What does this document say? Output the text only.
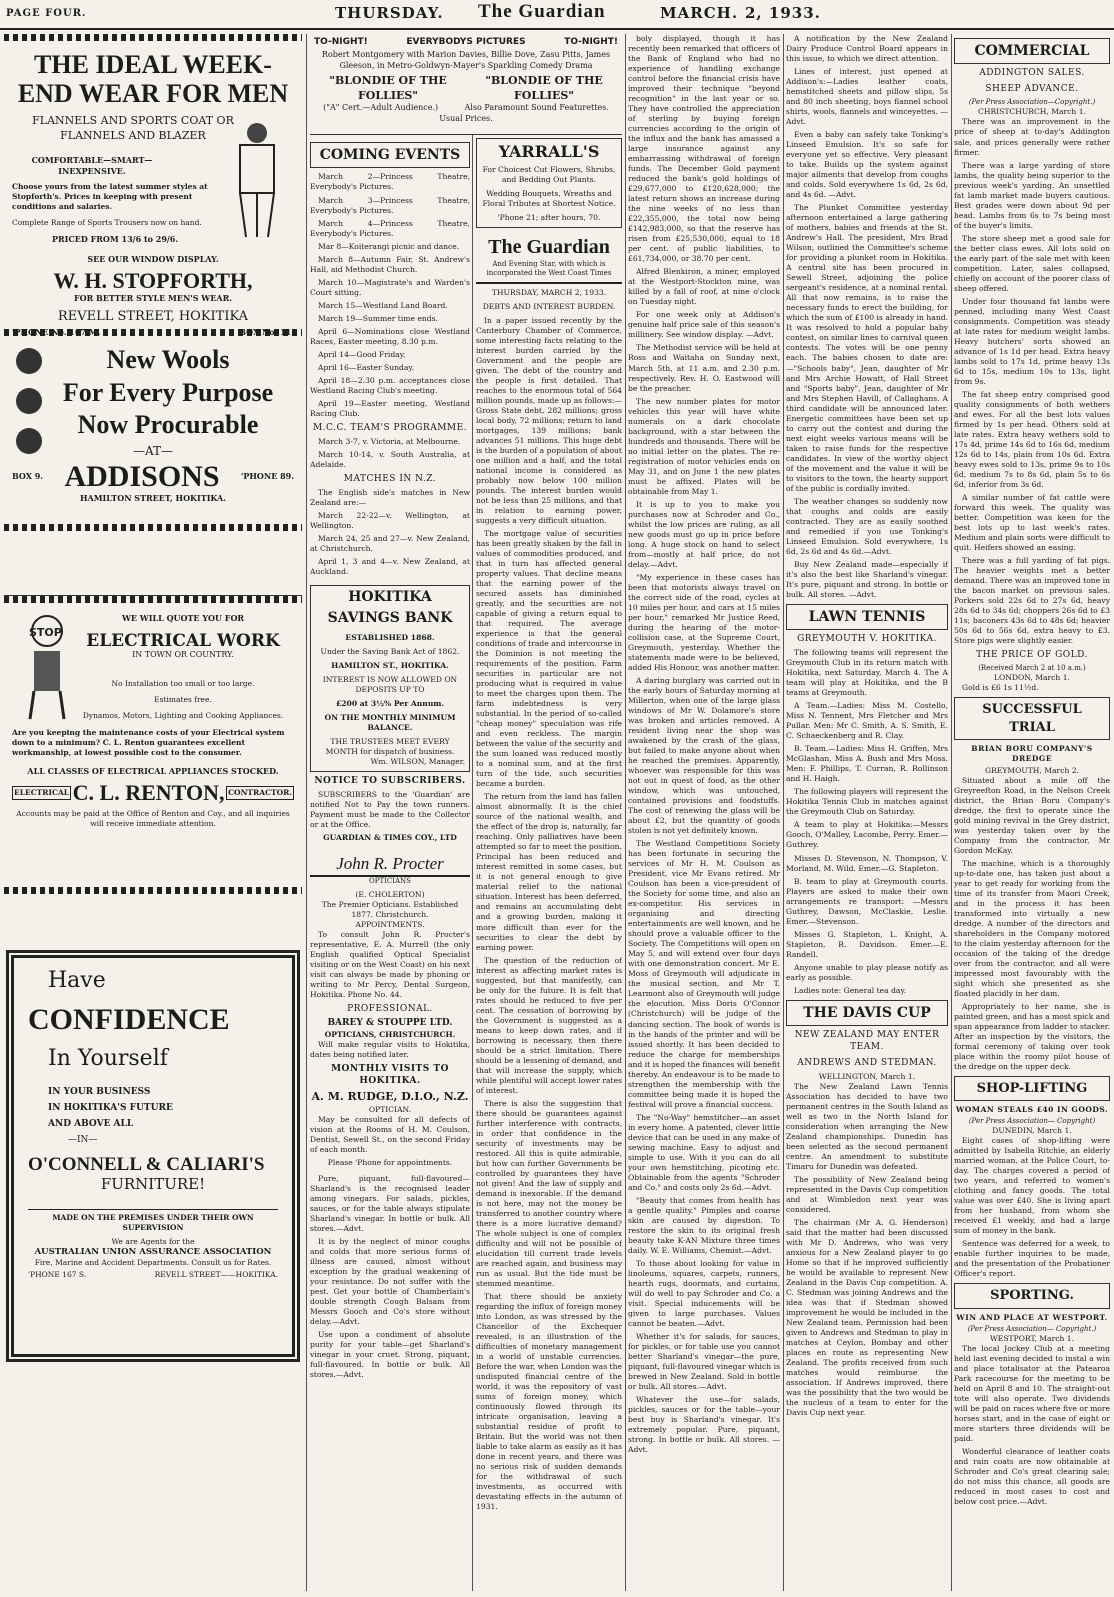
PAGE FOUR.	THURSDAY. The Guardian	MARCH. 2, 1933.
THE IDEAL WEEK-END WEAR FOR MEN
FLANNELS AND SPORTS COAT OR FLANNELS AND BLAZER
COMFORTABLE—SMART— INEXPENSIVE.
Choose yours from the latest summer styles at Stopforth's. Prices in keeping with present conditions and salaries.
Complete Range of Sports Trousers now on hand.
PRICED FROM 13/6 to 29/6.
SEE OUR WINDOW DISPLAY.
W. H. STOPFORTH,
FOR BETTER STYLE MEN'S WEAR.
REVELL STREET, HOKITIKA
'PHONE No. 167 M.	BOX No. 11.
New Wools
For Every Purpose
Now Procurable
—AT—
BOX 9. ADDISONS	'PHONE 89.
HAMILTON STREET, HOKITIKA.
STOP
WE WILL QUOTE YOU FOR
ELECTRICAL WORK
IN TOWN OR COUNTRY.
No Installation too small or too large.
Estimates free.
Dynamos, Motors, Lighting and Cooking Appliances.
Are you keeping the maintenance costs of your Electrical system down to a minimum? C. L. Renton guarantees excellent workmanship, at lowest possible cost to the consumer.
ALL CLASSES OF ELECTRICAL APPLIANCES STOCKED.
ELECTRICAL C. L. RENTON, CONTRACTOR.
Accounts may be paid at the Office of Renton and Coy., and all inquiries will receive immediate attention.
Have
CONFIDENCE
In Yourself
IN YOUR BUSINESS
IN HOKITIKA'S FUTURE
AND ABOVE ALL
—IN—
O'CONNELL & CALIARI'S
FURNITURE!
MADE ON THE PREMISES UNDER THEIR OWN SUPERVISION
We are Agents for the
AUSTRALIAN UNION ASSURANCE ASSOCIATION
Fire, Marine and Accident Departments. Consult us for Rates.
'PHONE 167 S.	REVELL STREET——HOKITIKA.
TO-NIGHT!	EVERYBODYS PICTURES	TO-NIGHT!
Robert Montgomery with Marion Davies, Billie Dove, Zasu Pitts, James Gleeson, in Metro-Goldwyn-Mayer's Sparkling Comedy Drama
"BLONDIE OF THE FOLLIES"
"BLONDIE OF THE FOLLIES"
("A" Cert.—Adult Audience.)	Also Paramount Sound Featurettes.
Usual Prices.
COMING EVENTS

March 2—Princess Theatre, Everybody's Pictures.

March 3—Princess Theatre, Everybody's Pictures.

March 4—Princess Theatre, Everybody's Pictures.

Mar 8—Koiterangi picnic and dance.

March 8—Autumn Fair, St. Andrew's Hall, aid Methodist Church.

March 10—Magistrate's and Warden's Court sitting.

March 15—Westland Land Board.

March 19—Summer time ends.

April 6—Nominations close Westland Races, Easter meeting, 8.30 p.m.

April 14—Good Friday.

April 16—Easter Sunday.

April 18—2.30 p.m. acceptances close Westland Racing Club's meeting.

April 19—Easter meeting, Westland Racing Club.

M.C.C. TEAM'S PROGRAMME.

March 3-7, v. Victoria, at Melbourne.

March 10-14, v. South Australia, at Adelaide.

MATCHES IN N.Z.

The English side's matches in New Zealand are:—

March 22-22—v. Wellington, at Wellington.

March 24, 25 and 27—v. New Zealand, at Christchurch.

April 1, 3 and 4—v. New Zealand, at Auckland.

HOKITIKA
SAVINGS BANK
ESTABLISHED 1868.
Under the Saving Bank Act of 1862.
HAMILTON ST., HOKITIKA.
INTEREST IS NOW ALLOWED ON DEPOSITS UP TO
£200 at 3½% Per Annum.
ON THE MONTHLY MINIMUM BALANCE.
THE TRUSTEES MEET EVERY MONTH for dispatch of business.
Wm. WILSON, Manager.
NOTICE TO SUBSCRIBERS.

SUBSCRIBERS to the 'Guardian' are notified Not to Pay the town runners. Payment must be made to the Collector or at the Office.

GUARDIAN & TIMES COY., LTD
John R. Procter
OPTICIANS
(E. CHOLERTON)
The Premier Opticians. Established 1877. Christchurch.
APPOINTMENTS.

To consult John R. Procter's representative, E. A. Murrell (the only English qualified Optical Specialist visiting or on the West Coast) on his next visit can always be made by phoning or writing to Mr Percy, Dental Surgeon, Hokitika. Phone No. 44.

PROFESSIONAL.
BAREY & STOUPPE LTD.
OPTICIANS, CHRISTCHURCH.

Will make regular visits to Hokitika, dates being notified later.

MONTHLY VISITS TO HOKITIKA.
A. M. RUDGE, D.I.O., N.Z.
OPTICIAN.

May be consulted for all defects of vision at the Rooms of H. M. Coulson, Dentist, Sewell St., on the second Friday of each month.

Please 'Phone for appointments.

Pure, piquant, full-flavoured—Sharland's is the recognised leader among vinegars. For salads, pickles, sauces, or for the table always stipulate Sharland's vinegar. In bottle or bulk. All stores.—Advt.

It is by the neglect of minor coughs and colds that more serious forms of illness are caused, almost without exception by the gradual weakening of your resistance. Do not suffer with the pest. Get your bottle of Chamberlain's double strength Cough Balsam from Messrs Gooch and Co's store without delay.—Advt.

Use upon a condiment of absolute purity for your table—get Sharland's vinegar in your cruet. Strong, piquant, full-flavoured. In bottle or bulk. All stores.—Advt.

YARRALL'S
For Choicest Cut Flowers, Shrubs, and Bedding Out Plants.
Wedding Bouquets, Wreaths and Floral Tributes at Shortest Notice.
'Phone 21; after hours, 70.
The Guardian
And Evening Star, with which is incorporated the West Coast Times
THURSDAY, MARCH 2, 1933.
DEBTS AND INTEREST BURDEN.

In a paper issued recently by the Canterbury Chamber of Commerce, some interesting facts relating to the interest burden carried by the Government and the people are given. The debt of the country and the people is first detailed. That reaches to the enormous total of 564 million pounds, made up as follows:—Gross State debt, 282 millions; gross local body, 72 millions; return to land mortgages, 139 millions; bank advances 51 millions. This huge debt is the burden of a population of about one million and a half, and the total national income is considered as probably now below 100 million pounds. The interest burden would not be less than 25 millions, and that in relation to earning power, suggests a very difficult situation.

The mortgage value of securities has been greatly shaken by the fall in values of commodities produced, and that in turn has affected general property values. That decline means that the earning power of the secured assets has diminished greatly, and the securities are not capable of giving a return equal to that required. The average experience is that the general conditions of trade and intercourse in the Dominion is not meeting the requirements of the position. Farm securities in particular are not producing what is required in value to meet the charges upon them. The farm indebtedness is very substantial. In the period of so-called "cheap money" speculation was rife and even reckless. The margin between the value of the security and the sum loaned was reduced mostly to a nominal sum, and at the first turn of the tide, such securities became a burden.

The return from the land has fallen almost abnormally. It is the chief source of the national wealth, and the effect of the drop is, naturally, far reaching. Only palliatives have been attempted so far to meet the position. Principal has been reduced and interest remitted in some cases, but it is not general enough to give material relief to the national situation. Interest has been deferred, and remains an accumulating debt and a growing burden, making it more difficult than ever for the securities to clear the debt by earning power.

The question of the reduction of interest as affecting market rates is suggested, but that manifestly, can be only for the future. It is felt that rates should be reduced to five per cent. The cessation of borrowing by the Government is suggested as a means to keep down rates, and if borrowing is necessary, then there should be a strict limitation. There should be a lessening of demand, and that will increase the supply, which while plentiful will accept lower rates of interest.

There is also the suggestion that there should be guarantees against further interference with contracts, in order that confidence in the security of investments may be restored. All this is quite admirable, but how can further Governments be controlled by guarantees they have not given! And the law of supply and demand is inexorable. If the demand is not here, may not the money be transferred to another country where there is a more lucrative demand? The whole subject is one of complex difficulty and will not be possible of elucidation till current trade levels are reached again, and business may run as usual. But the tide must be stemmed meantime.

That there should be anxiety regarding the influx of foreign money into London, as was stressed by the Chancellor of the Exchequer revealed, is an illustration of the difficulties of monetary management in a world of unstable currencies. Before the war, when London was the undisputed financial centre of the world, it was the repository of vast sums of foreign money, which continuously flowed through its intricate organisation, leaving a substantial residue of profit to Britain. But the world was not then liable to take alarm as easily as it has done in recent years, and there was no serious risk of sudden demands for the withdrawal of such investments, as occurred with devastating effects in the autumn of 1931.

boly displayed, though it has recently been remarked that officers of the Bank of England who had no experience of handling exchange control before the financial crisis have improved their technique "beyond recognition" in the last year or so. They have controlled the appreciation of sterling by buying foreign currencies according to the origin of the influx and the bank has amassed a large insurance against any embarrassing withdrawal of foreign funds. The December Gold payment reduced the bank's gold holdings of £29,677,000 to £120,628,000; the latest return shows an increase during the nine weeks of no less than £22,355,000, the total now being £142,983,000, so that the reserve has risen from £25,530,000, equal to 18 per cent. of public liabilities, to £61,734,000, or 38.70 per cent.

Alfred Blenkiron, a miner, employed at the Westport-Stockton mine, was killed by a fall of roof, at nine o'clock on Tuesday night.

For one week only at Addison's genuine half price sale of this season's millinery. See window display. —Advt.

The Methodist service will be held at Ross and Waitaha on Sunday next, March 5th, at 11 a.m. and 2.30 p.m. respectively. Rev. H. O. Eastwood will be the preacher.

The new number plates for motor vehicles this year will have white numerals on a dark chocolate background, with a star between the hundreds and thousands. There will be no initial letter on the plates. The re-registration of motor vehicles ends on May 31, and on June 1 the new plates must be affixed. Plates will be obtainable from May 1.

It is up to you to make you purchases now at Schroder and Co., whilst the low prices are ruling, as all new goods must go up in price before long. A huge stock on hand to select from—mostly at half price, do not delay.—Advt.

"My experience in these cases has been that motorists always travel on the correct side of the road, cycles at 10 miles per hour, and cars at 15 miles per hour," remarked Mr Justice Reed, during the hearing of the motor-collision case, at the Supreme Court, Greymouth, yesterday. Whether the statements made were to be believed, added His Honour, was another matter.

A daring burglary was carried out in the early hours of Saturday morning at Millerton, when one of the large glass windows of Mr W. Dolamore's store was broken and articles removed. A resident living near the shop was awakened by the crash of the glass, but failed to make anyone about when he reached the premises. Apparently, whoever was responsible for this was not out in quest of food, as the other window, which was untouched, contained provisions and foodstuffs. The cost of renewing the glass will be about £2, but the quantity of goods stolen is not yet definitely known.

The Westland Competitions Society has been fortunate in securing the services of Mr H. M. Coulson as President, vice Mr Evans retired. Mr Coulson has been a vice-president of the Society for some time, and also an ex-competitor. His services in organising and directing entertainments are well known, and he should prove a valuable officer to the Society. The Competitions will open on May 5, and will extend over four days with one demonstration concert. Mr E. Moss of Greymouth will adjudicate in the musical section, and Mr T. Learmont also of Greymouth will judge the elocution. Miss Doris O'Connor (Christchurch) will be judge of the dancing section. The book of words is in the hands of the printer and will be issued shortly. It has been decided to reduce the charge for memberships and it is hoped the finances will benefit thereby. An endeavour is to be made to strengthen the membership with the committee being made it is hoped the festival will prove a financial success.

The "No-Way" hemstitcher—an asset in every home. A patented, clever little device that can be used in any make of sewing machine. Easy to adjust and simple to use. With it you can do all your own hemstitching, picoting etc. Obtainable from the agents "Schroder and Co." and costs only 2s 6d.—Advt.

"Beauty that comes from health has a gentle quality." Pimples and coarse skin are caused by digestion. To restore the skin to its original fresh beauty take K-AN Mixture three times daily. W. E. Williams, Chemist.—Advt.

To those about looking for value in linoleums, squares, carpets, runners, hearth rugs, doormats, and curtains, will do well to pay Schroder and Co. a visit. Special inducements will be given to large purchases. Values cannot be beaten.—Advt.

Whether it's for salads, for sauces, for pickles, or for table use you cannot better Sharland's vinegar—the pure, piquant, full-flavoured vinegar which is brewed in New Zealand. Sold in bottle or bulk. All stores.—Advt.

Whatever the use—for salads, pickles, sauces or for the table—your best buy is Sharland's vinegar. It's extremely popular. Pure, piquant, strong. In bottle or bulk. All stores. —Advt.

A notification by the New Zealand Dairy Produce Control Board appears in this issue, to which we direct attention.

Lines of interest, just opened at Addison's:—Ladies leather coats, hemstitched sheets and pillow slips, 5s and 80 inch sheeting, boys flannel school shirts, wools, flannels and winceyettes. —Advt.

Even a baby can safely take Tonking's Linseed Emulsion. It's so safe for everyone yet so effective. Very pleasant to take. Builds up the system against major ailments that develop from coughs and colds. Sold everywhere 1s 6d, 2s 6d, and 4s 6d. —Advt.

The Plunket Committee yesterday afternoon entertained a large gathering of mothers, babies and friends at the St. Andrew's Hall. The president, Mrs Brad Wilson, outlined the Committee's scheme for providing a plunket room in Hokitika. A central site has been procured in Sewell Street, adjoining the police sergeant's residence, at a nominal rental. All that now remains, is to raise the necessary funds to erect the building, for which the sum of £100 is already in hand. It was resolved to hold a popular baby contest, on similar lines to carnival queen contests. The votes will be one penny each. The babies chosen to date are:—"Schools baby", Jean, daughter of Mr and Mrs Archie Howatt, of Hall Street and "Sports baby", Jean, daughter of Mr and Mrs Stephen Havill, of Callaghans. A third candidate will be announced later. Energetic committees have been set up to carry out the contest and during the next eight weeks various means will be taken to raise funds for the respective candidates. In view of the worthy object of the movement and the value it will be to visitors to the town, the hearty support of the public is cordially invited.

The weather changes so suddenly now that coughs and colds are easily contracted. They are as easily soothed and remedied if you use Tonking's Linseed Emulsion. Sold everywhere, 1s 6d, 2s 6d and 4s 6d.—Advt.

Buy New Zealand made—especially if it's also the best like Sharland's vinegar. It's pure, piquant and strong. In bottle or bulk. All stores. —Advt.

LAWN TENNIS
GREYMOUTH V. HOKITIKA.

The following teams will represent the Greymouth Club in its return match with Hokitika, next Saturday, March 4. The A team will play at Hokitika, and the B teams at Greymouth.

A Team.—Ladies: Miss M. Costello, Miss N. Tennent, Mrs Fletcher and Mrs Pullar. Men: Mr C. Smith, A. S. Smith, E. C. Schaeckenberg and R. Clay.

B. Team.—Ladies: Miss H. Griffen, Mrs McGlashan, Miss A. Bush and Mrs Moss. Men: F. Phillips, T. Curran, R. Rollinson and H. Haigh.

The following players will represent the Hokitika Tennis Club in matches against the Greymouth Club on Saturday.

A team to play at Hokitika:—Messrs Gooch, O'Malley, Lacombe, Perry. Emer.—Guthrey.

Misses D. Stevenson, N. Thompson, V. Morland, M. Wild. Emer.—G. Stapleton.

B. team to play at Greymouth courts. Players are asked to make their own arrangements re transport: —Messrs Guthrey, Dawson, McClaskie, Leslie. Emer.—Stevenson.

Misses G. Stapleton, L. Knight, A. Stapleton, R. Davidson. Emer.—E. Randell.

Anyone unable to play please notify as early as possible.

Ladies note: General tea day.

THE DAVIS CUP
NEW ZEALAND MAY ENTER TEAM.
ANDREWS AND STEDMAN.
WELLINGTON, March 1.

The New Zealand Lawn Tennis Association has decided to have two permanent centres in the South Island as well as two in the North Island for consideration when arranging the New Zealand championships. Dunedin has been selected as the second permanent centre. An amendment to substitute Timaru for Dunedin was defeated.

The possibility of New Zealand being represented in the Davis Cup competition and at Wimbledon next year was considered.

The chairman (Mr A. G. Henderson) said that the matter had been discussed with Mr D. Andrews, who was very anxious for a New Zealand player to go Home so that if he improved sufficiently he would be available to represent New Zealand in the Davis Cup competition. A. C. Stedman was joining Andrews and the idea was that if Stedman showed improvement he would be included in the New Zealand team. Permission had been given to Andrews and Stedman to play in matches at Ceylon, Bombay and other places en route as representing New Zealand. The profits received from such matches would reimburse the association. If Andrews improved, there was the possibility that the two would be the nucleus of a team to enter for the Davis Cup next year.

COMMERCIAL
ADDINGTON SALES.
SHEEP ADVANCE.
(Per Press Association—Copyright.)
CHRISTCHURCH, March 1.

There was an improvement in the price of sheep at to-day's Addington sale, and prices generally were rather firmer.

There was a large yarding of store lambs, the quality being superior to the previous week's yarding. An unsettled fat lamb market made buyers cautious. Best grades were down about 9d per head. Lambs from 6s to 7s being most of the buyer's limits.

The store sheep met a good sale for the better class ewes. All lots sold on the early part of the sale met with keen competition. Later, sales collapsed, chiefly on account of the poorer class of sheep offered.

Under four thousand fat lambs were penned, including many West Coast consignments. Competition was steady at late rates for medium weight lambs. Heavy butchers' sorts showed an advance of 1s 1d per head. Extra heavy lambs sold to 17s 1d, prime heavy 13s 6d to 15s, medium 10s to 13s, light from 9s.

The fat sheep entry comprised good quality consignments of both wethers and ewes. For all the best lots values firmed by 1s per head. Others sold at late rates. Extra heavy wethers sold to 17s 4d, prime 14s 6d to 16s 6d, medium 12s 6d to 14s, plain from 10s 6d. Extra heavy ewes sold to 13s, prime 9s to 10s 6d, medium 7s to 8s 6d, plain 5s to 6s 6d, inferior from 3s 6d.

A similar number of fat cattle were forward this week. The quality was better. Competition was keen for the best lots up to last week's rates. Medium and plain sorts were difficult to quit. Heifers showed an easing.

There was a full yarding of fat pigs. The heavier weights met a better demand. There was an improved tone in the bacon market on previous sales. Porkers sold 22s 6d to 27s 6d, heavy 28s 6d to 34s 6d; choppers 26s 6d to £3 11s; baconers 43s 6d to 48s 6d; heavier 50s 6d to 56s 6d, extra heavy to £3. Store pigs were slightly easier.

THE PRICE OF GOLD.
(Received March 2 at 10 a.m.)
LONDON, March 1.

Gold is £6 1s 11½d.

SUCCESSFUL TRIAL
BRIAN BORU COMPANY'S DREDGE
GREYMOUTH, March 2.

Situated about a mile off the Greyreefton Road, in the Nelson Creek district, the Brian Boru Company's dredge, the first to operate since the gold mining revival in the Grey district, was yesterday taken over by the Company from the contractor, Mr Gordon McKay.

The machine, which is a thoroughly up-to-date one, has taken just about a year to get ready for working from the time of its transfer from Maori Creek, and in the process it has been transformed into virtually a new dredge. A number of the directors and shareholders in the Company motored to the claim yesterday afternoon for the occasion of the taking of the dredge over from the contractor, and all were impressed most favourably with the sight which she presented as she floated placidly in her dam.

Appropriately to her name, she is painted green, and has a most spick and span appearance from ladder to stacker. After an inspection by the visitors, the formal ceremony of taking over took place within the roomy pilot house of the dredge on the upper deck.

SHOP-LIFTING
WOMAN STEALS £40 IN GOODS.
(Per Press Association— Copyright)
DUNEDIN, March 1.

Eight cases of shop-lifting were admitted by Isabella Ritchie, an elderly married woman, at the Police Court, to-day. The charges covered a period of two years, and referred to women's clothing and fancy goods. The total value was over £40. She is living apart from her husband, from whom she received £1 weekly, and had a large sum of money in the bank.

Sentence was deferred for a week, to enable further inquiries to be made, and the presentation of the Probationer Officer's report.

SPORTING.
WIN AND PLACE AT WESTPORT.
(Per Press Association— Copyright.)
WESTPORT, March 1.

The local Jockey Club at a meeting held last evening decided to instal a win and place totalisator at the Patearoa Park racecourse for the meeting to be held on April 8 and 10. The straight-out tote will also operate. Two dividends will be paid on races where five or more horses start, and in the case of eight or more starters three dividends will be paid.

Wonderful clearance of leather coats and rain coats are now obtainable at Schroder and Co's great clearing sale; do not miss this chance, all goods are reduced in most cases to cost and below cost price.—Advt.
